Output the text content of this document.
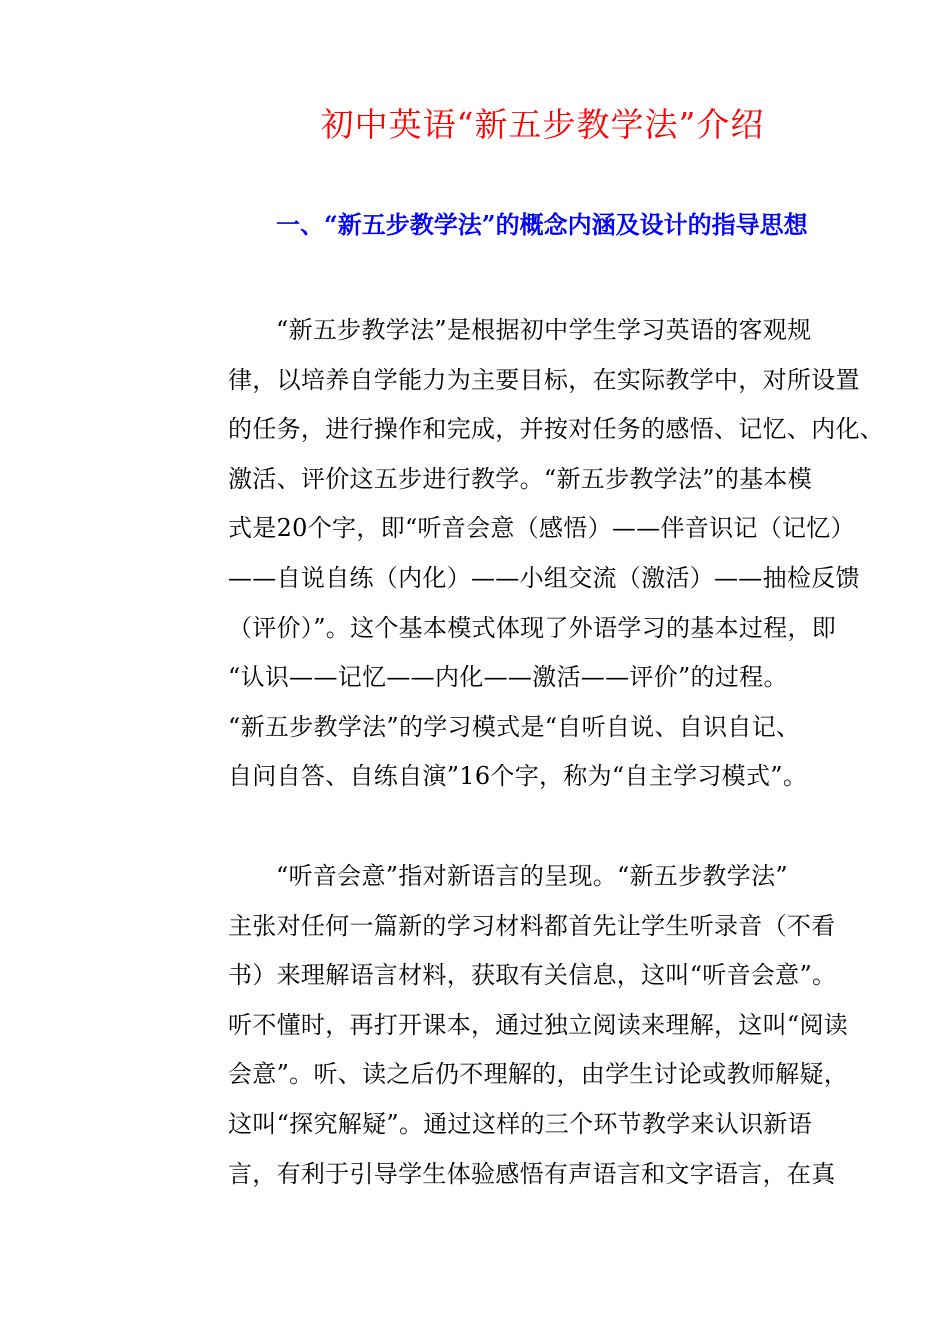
初中英语“新五步教学法”介绍
一、“新五步教学法”的概念内涵及设计的指导思想
“新五步教学法”是根据初中学生学习英语的客观规
律，以培养自学能力为主要目标，在实际教学中，对所设置
的任务，进行操作和完成，并按对任务的感悟、记忆、内化、
激活、评价这五步进行教学。“新五步教学法”的基本模
式是20个字，即“听音会意（感悟）——伴音识记（记忆）
——自说自练（内化）——小组交流（激活）——抽检反馈
（评价）”。这个基本模式体现了外语学习的基本过程，即
“认识——记忆——内化——激活——评价”的过程。
“新五步教学法”的学习模式是“自听自说、自识自记、
自问自答、自练自演”16个字，称为“自主学习模式”。
“听音会意”指对新语言的呈现。“新五步教学法”
主张对任何一篇新的学习材料都首先让学生听录音（不看
书）来理解语言材料，获取有关信息，这叫“听音会意”。
听不懂时，再打开课本，通过独立阅读来理解，这叫“阅读
会意”。听、读之后仍不理解的，由学生讨论或教师解疑，
这叫“探究解疑”。通过这样的三个环节教学来认识新语
言，有利于引导学生体验感悟有声语言和文字语言，在真
